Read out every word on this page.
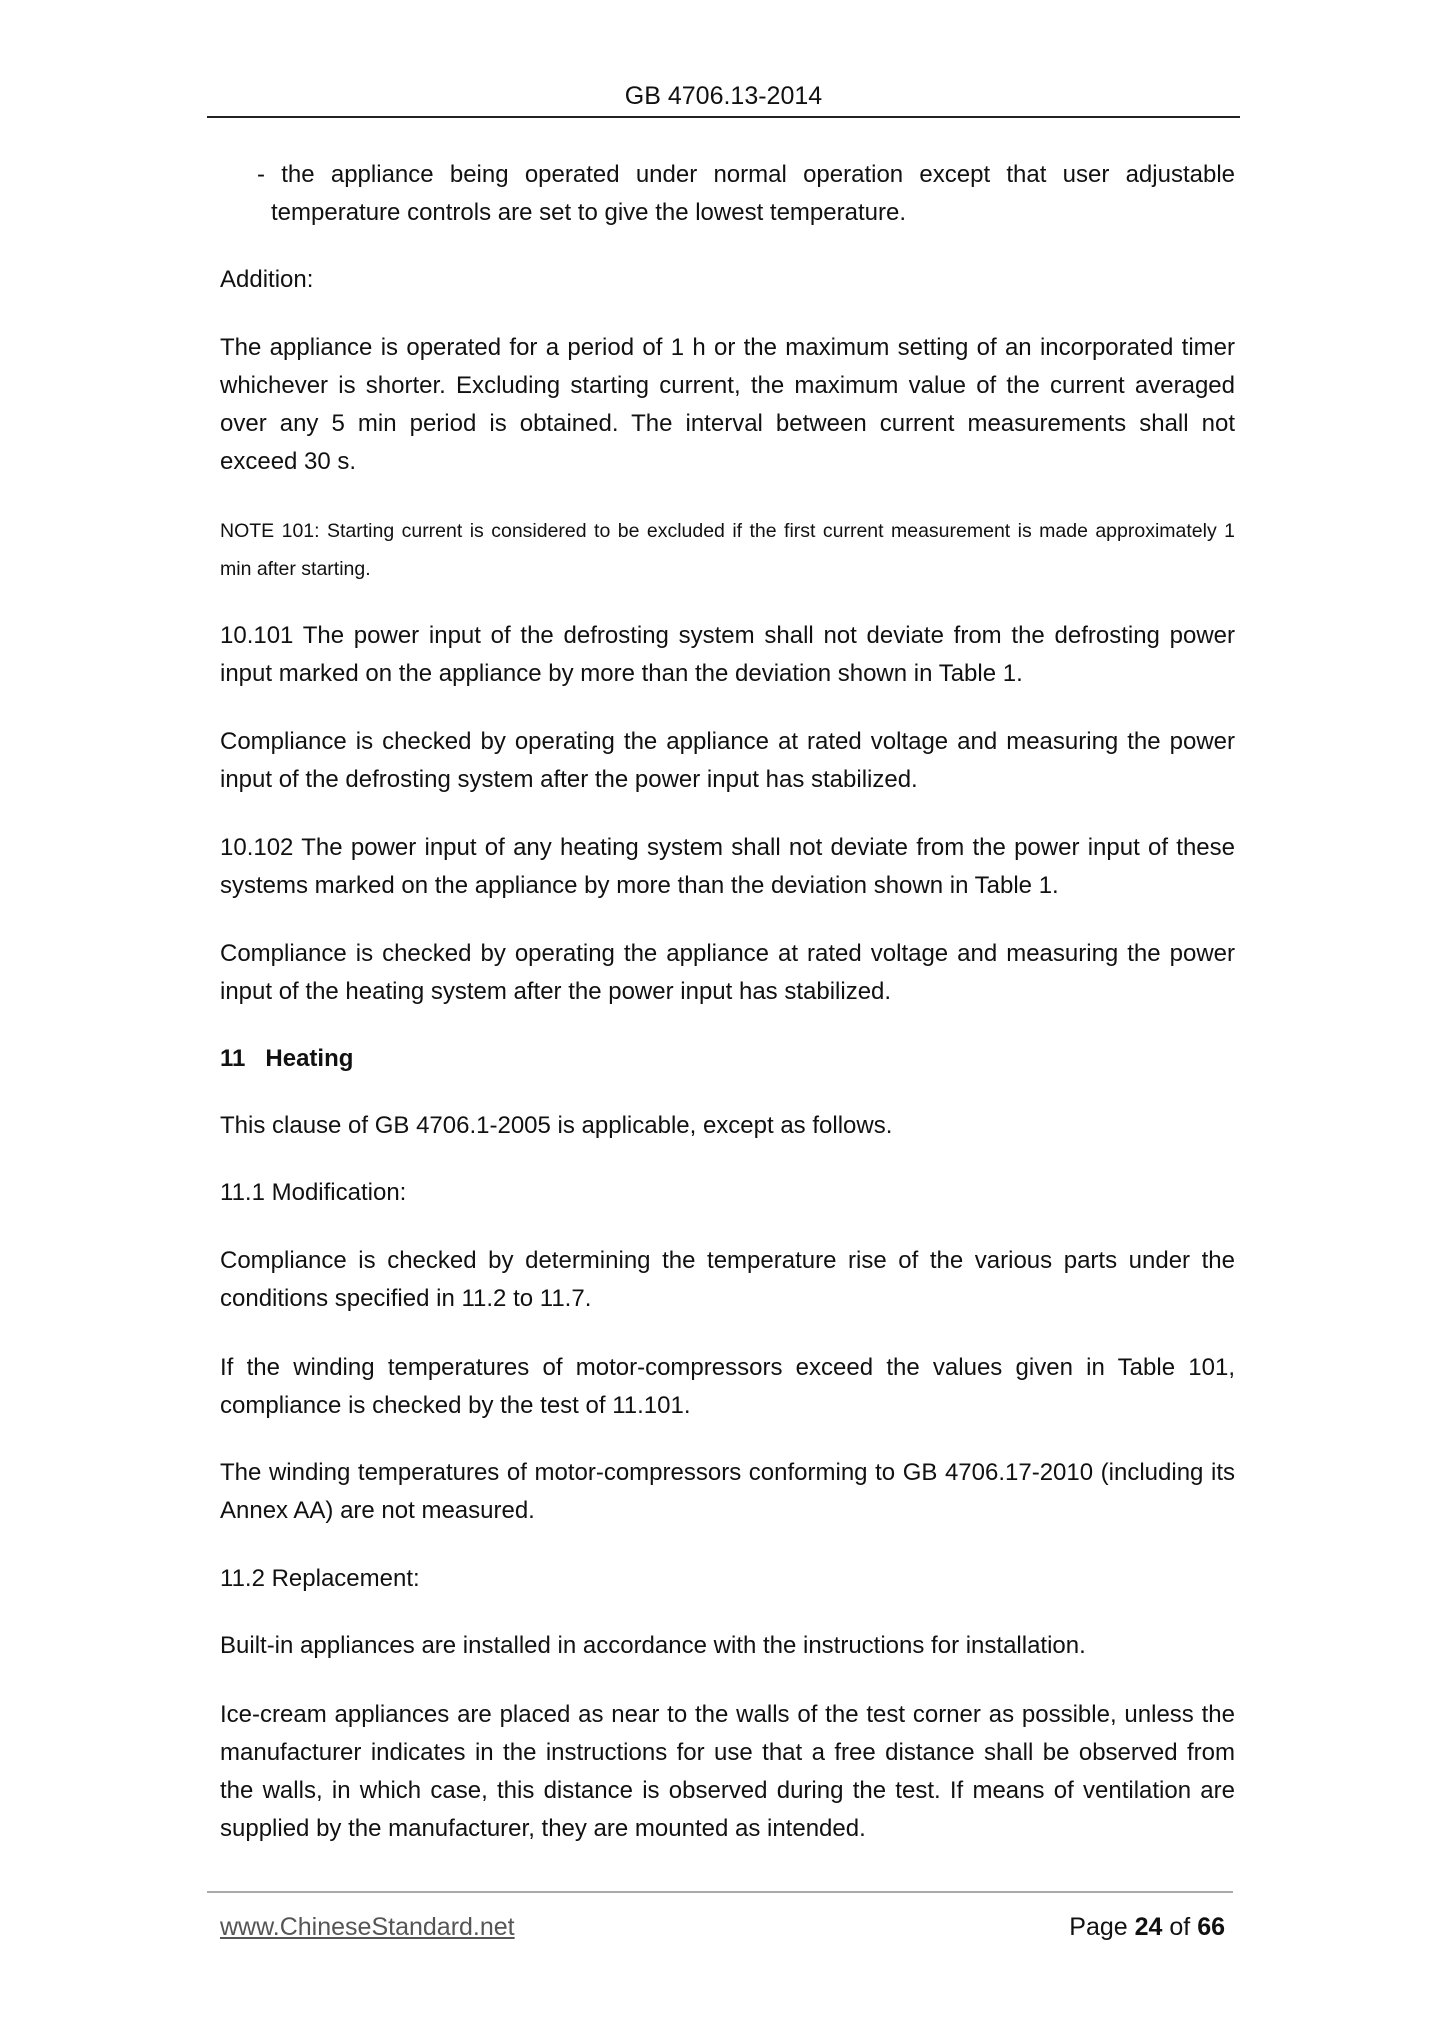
GB 4706.13-2014

- the appliance being operated under normal operation except that user adjustable temperature controls are set to give the lowest temperature.

Addition:

The appliance is operated for a period of 1 h or the maximum setting of an incorporated timer whichever is shorter. Excluding starting current, the maximum value of the current averaged over any 5 min period is obtained. The interval between current measurements shall not exceed 30 s.

NOTE 101: Starting current is considered to be excluded if the first current measurement is made approximately 1 min after starting.

10.101 The power input of the defrosting system shall not deviate from the defrosting power input marked on the appliance by more than the deviation shown in Table 1.

Compliance is checked by operating the appliance at rated voltage and measuring the power input of the defrosting system after the power input has stabilized.

10.102 The power input of any heating system shall not deviate from the power input of these systems marked on the appliance by more than the deviation shown in Table 1.

Compliance is checked by operating the appliance at rated voltage and measuring the power input of the heating system after the power input has stabilized.

11 Heating

This clause of GB 4706.1-2005 is applicable, except as follows.

11.1 Modification:

Compliance is checked by determining the temperature rise of the various parts under the conditions specified in 11.2 to 11.7.

If the winding temperatures of motor-compressors exceed the values given in Table 101, compliance is checked by the test of 11.101.

The winding temperatures of motor-compressors conforming to GB 4706.17-2010 (including its Annex AA) are not measured.

11.2 Replacement:

Built-in appliances are installed in accordance with the instructions for installation.

Ice-cream appliances are placed as near to the walls of the test corner as possible, unless the manufacturer indicates in the instructions for use that a free distance shall be observed from the walls, in which case, this distance is observed during the test. If means of ventilation are supplied by the manufacturer, they are mounted as intended.

www.ChineseStandard.net	Page 24 of 66
